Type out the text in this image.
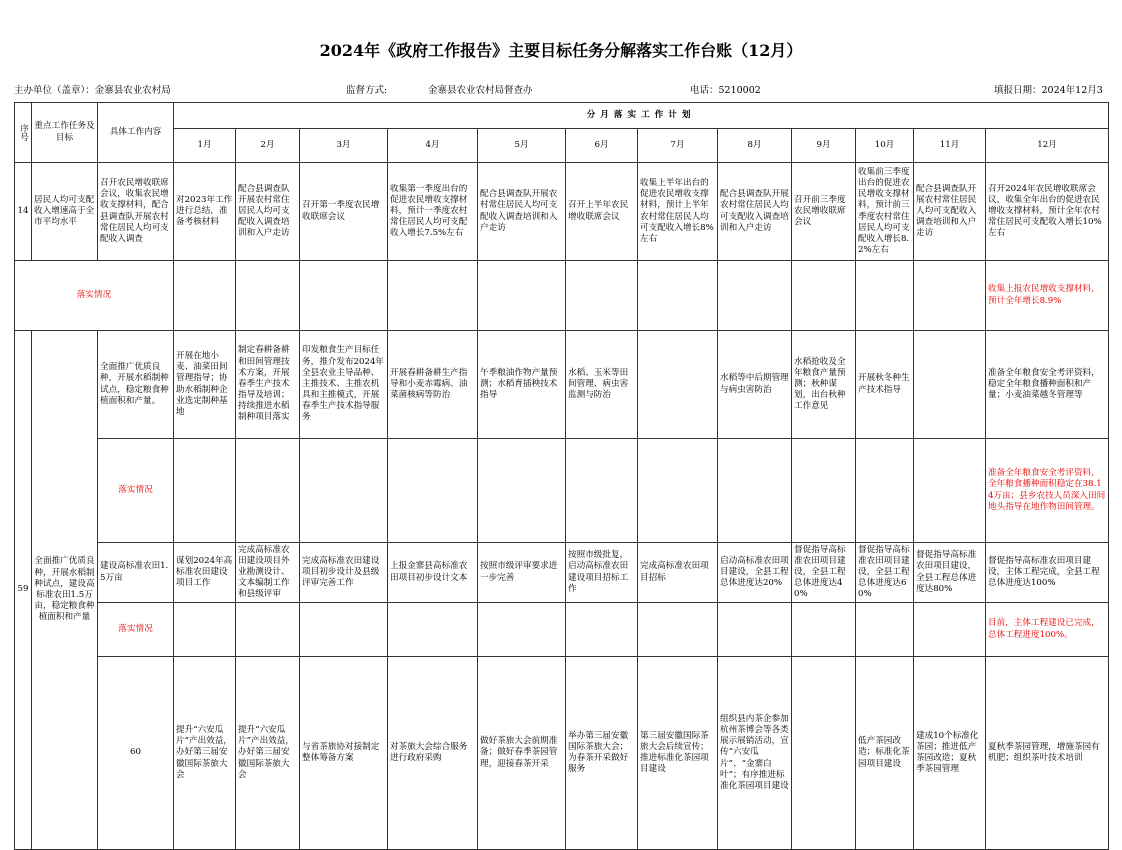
2024年《政府工作报告》主要目标任务分解落实工作台账（12月）
主办单位（盖章）：金寨县农业农村局	监督方式:	金寨县农业农村局督查办	电话：5210002	填报日期：2024年12月3
序号	重点工作任务及目标	具体工作内容	分月落实工作计划												
			1月	2月	3月	4月	5月	6月	7月	8月	9月	10月	11月	12月	
14	居民人均可支配收入增速高于全市平均水平	召开农民增收联席会议，收集农民增收支撑材料，配合县调查队开展农村常住居民人均可支配收入调查	对2023年工作进行总结，准备考核材料	配合县调查队开展农村常住居民人均可支配收入调查培训和入户走访	召开第一季度农民增收联席会议	收集第一季度出台的促进农民增收支撑材料，预计一季度农村常住居民人均可支配收入增长7.5%左右	配合县调查队开展农村常住居民人均可支配收入调查培训和入户走访	召开上半年农民增收联席会议	收集上半年出台的促进农民增收支撑材料，预计上半年农村常住居民人均可支配收入增长8%左右	配合县调查队开展农村常住居民人均可支配收入调查培训和入户走访	召开前三季度农民增收联席会议	收集前三季度出台的促进农民增收支撑材料，预计前三季度农村常住居民人均可支配收入增长8.2%左右	配合县调查队开展农村常住居民人均可支配收入调查培训和入户走访	召开2024年农民增收联席会议，收集全年出台的促进农民增收支撑材料，预计全年农村常住居民可支配收入增长10%左右	

落实情况														收集上报农民增收支撑材料，预计全年增长8.9%	
59	全面推广优质良种，开展水稻制种试点，建设高标准农田1.5万亩，稳定粮食种植面积和产量	全面推广优质良种，开展水稻制种试点，稳定粮食种植面积和产量。	开展在地小麦、油菜田间管理指导；协助水稻制种企业选定制种基地	制定春耕备耕和田间管理技术方案，开展春季生产技术指导及培训；持续推进水稻制种项目落实	印发粮食生产目标任务，推介发布2024年全县农业主导品种、主推技术、主推农机具和主推模式，开展春季生产技术指导服务	开展春耕备耕生产指导和小麦赤霉病、油菜菌核病等防治	午季粮油作物产量预测；水稻育插秧技术指导	水稻、玉米等田间管理、病虫害监测与防治		水稻等中后期管理与病虫害防治	水稻抢收及全年粮食产量预测；秋种谋划，出台秋种工作意见	开展秋冬种生产技术指导		准备全年粮食安全考评资料，稳定全年粮食播种面积和产量；小麦油菜越冬管理等	
		落实情况												准备全年粮食安全考评资料，全年粮食播种面积稳定在38.14万亩；县乡农技人员深入田间地头指导在地作物田间管理。	
		建设高标准农田1.5万亩	谋划2024年高标准农田建设项目工作	完成高标准农田建设项目外业勘测设计、文本编制工作和县级评审	完成高标准农田建设项目初步设计及县级评审完善工作	上报金寨县高标准农田项目初步设计文本	按照市级评审要求进一步完善	按照市级批复，启动高标准农田建设项目招标工作	完成高标准农田项目招标	启动高标准农田项目建设，全县工程总体进度达20%	督促指导高标准农田项目建设，全县工程总体进度达40%	督促指导高标准农田项目建设，全县工程总体进度达60%	督促指导高标准农田项目建设，全县工程总体进度达80%	督促指导高标准农田项目建设，主体工程完成，全县工程总体进度达100%	
		落实情况												目前，主体工程建设已完成，总体工程进度100%。	
		60	提升“六安瓜片”产出效益，办好第三届安徽国际茶旅大会	提升“六安瓜片”产出效益，办好第三届安徽国际茶旅大会	与省茶旅协对接制定整体筹备方案	对茶旅大会综合服务进行政府采购	做好茶旅大会前期准备；做好春季茶园管理，迎接春茶开采	举办第三届安徽国际茶旅大会；为春茶开采做好服务	第三届安徽国际茶旅大会后续宣传；推进标准化茶园项目建设	组织县内茶企参加杭州茶博会等各类展示展销活动，宣传“六安瓜片”、“金寨白叶”；有序推进标准化茶园项目建设		低产茶园改造；标准化茶园项目建设	建成10个标准化茶园；推进低产茶园改造；夏秋季茶园管理	夏秋季茶园管理，增施茶园有机肥；组织茶叶技术培训		
